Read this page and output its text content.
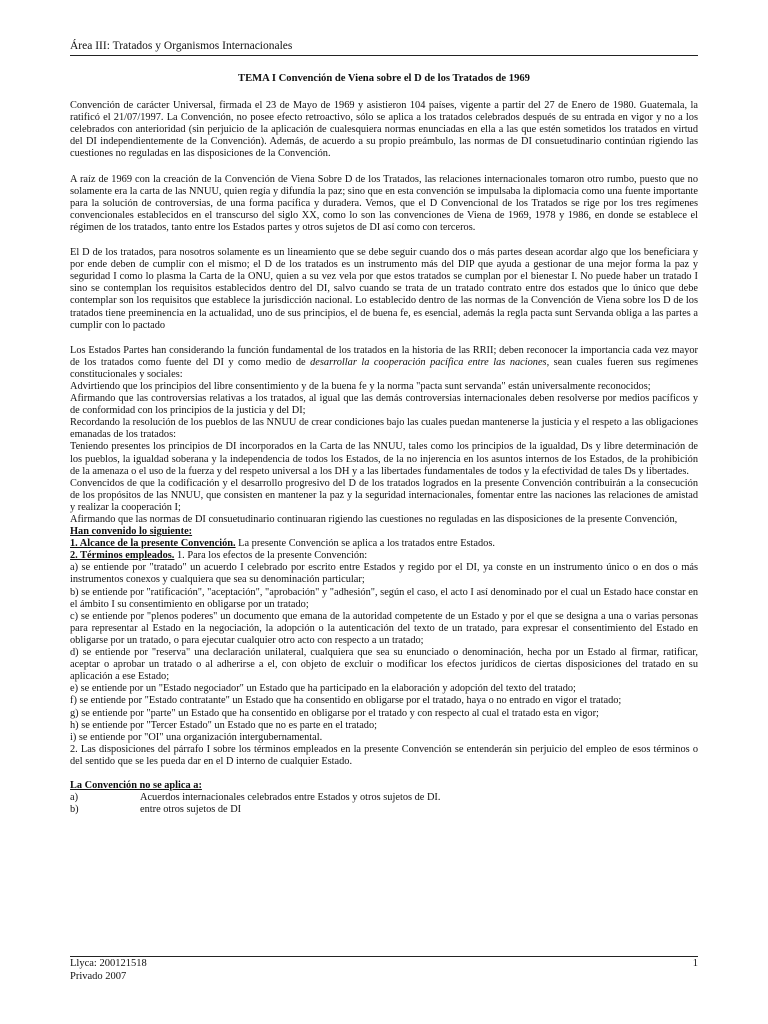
Área III: Tratados y Organismos Internacionales
TEMA I Convención de Viena sobre el D de los Tratados de 1969

Convención de carácter Universal, firmada el 23 de Mayo de 1969 y asistieron 104 países, vigente a partir del 27 de Enero de 1980. Guatemala, la ratificó el 21/07/1997. La Convención, no posee efecto retroactivo, sólo se aplica a los tratados celebrados después de su entrada en vigor y no a los celebrados con anterioridad (sin perjuicio de la aplicación de cualesquiera normas enunciadas en ella a las que estén sometidos los tratados en virtud del DI independientemente de la Convención). Además, de acuerdo a su propio preámbulo, las normas de DI consuetudinario continúan rigiendo las cuestiones no reguladas en las disposiciones de la Convención.

A raíz de 1969 con la creación de la Convención de Viena Sobre D de los Tratados, las relaciones internacionales tomaron otro rumbo, puesto que no solamente era la carta de las NNUU, quien regía y difundía la paz; sino que en esta convención se impulsaba la diplomacia como una fuente importante para la solución de controversias, de una forma pacífica y duradera. Vemos, que el D Convencional de los Tratados se rige por los tres regímenes convencionales establecidos en el transcurso del siglo XX, como lo son las convenciones de Viena de 1969, 1978 y 1986, en donde se establece el régimen de los tratados, tanto entre los Estados partes y otros sujetos de DI así como con terceros.

El D de los tratados, para nosotros solamente es un lineamiento que se debe seguir cuando dos o más partes desean acordar algo que los beneficiara y por ende deben de cumplir con el mismo; el D de los tratados es un instrumento más del DIP que ayuda a gestionar de una mejor forma la paz y seguridad I como lo plasma la Carta de la ONU, quien a su vez vela por que estos tratados se cumplan por el bienestar I. No puede haber un tratado I sino se contemplan los requisitos establecidos dentro del DI, salvo cuando se trata de un tratado contrato entre dos estados que lo único que debe contemplar son los requisitos que establece la jurisdicción nacional. Lo establecido dentro de las normas de la Convención de Viena sobre los D de los tratados tiene preeminencia en la actualidad, uno de sus principios, el de buena fe, es esencial, además la regla pacta sunt Servanda obliga a las partes a cumplir con lo pactado

Los Estados Partes han considerando la función fundamental de los tratados en la historia de las RRII; deben reconocer la importancia cada vez mayor de los tratados como fuente del DI y como medio de desarrollar la cooperación pacífica entre las naciones, sean cuales fueren sus regímenes constitucionales y sociales:
Advirtiendo que los principios del libre consentimiento y de la buena fe y la norma "pacta sunt servanda" están universalmente reconocidos;
Afirmando que las controversias relativas a los tratados, al igual que las demás controversias internacionales deben resolverse por medios pacíficos y de conformidad con los principios de la justicia y del DI;
Recordando la resolución de los pueblos de las NNUU de crear condiciones bajo las cuales puedan mantenerse la justicia y el respeto a las obligaciones emanadas de los tratados:
Teniendo presentes los principios de DI incorporados en la Carta de las NNUU, tales como los principios de la igualdad, Ds y libre determinación de los pueblos, la igualdad soberana y la independencia de todos los Estados, de la no injerencia en los asuntos internos de los Estados, de la prohibición de la amenaza o el uso de la fuerza y del respeto universal a los DH y a las libertades fundamentales de todos y la efectividad de tales Ds y libertades.
Convencidos de que la codificación y el desarrollo progresivo del D de los tratados logrados en la presente Convención contribuirán a la consecución de los propósitos de las NNUU, que consisten en mantener la paz y la seguridad internacionales, fomentar entre las naciones las relaciones de amistad y realizar la cooperación I;
Afirmando que las normas de DI consuetudinario continuaran rigiendo las cuestiones no reguladas en las disposiciones de la presente Convención,
Han convenido lo siguiente:
1. Alcance de la presente Convención. La presente Convención se aplica a los tratados entre Estados.
2. Términos empleados. 1. Para los efectos de la presente Convención:
a) se entiende por "tratado" un acuerdo I celebrado por escrito entre Estados y regido por el DI, ya conste en un instrumento único o en dos o más instrumentos conexos y cualquiera que sea su denominación particular;
b) se entiende por "ratificación", "aceptación", "aprobación" y "adhesión", según el caso, el acto I así denominado por el cual un Estado hace constar en el ámbito I su consentimiento en obligarse por un tratado;
c) se entiende por "plenos poderes" un documento que emana de la autoridad competente de un Estado y por el que se designa a una o varias personas para representar al Estado en la negociación, la adopción o la autenticación del texto de un tratado, para expresar el consentimiento del Estado en obligarse por un tratado, o para ejecutar cualquier otro acto con respecto a un tratado;
d) se entiende por "reserva" una declaración unilateral, cualquiera que sea su enunciado o denominación, hecha por un Estado al firmar, ratificar, aceptar o aprobar un tratado o al adherirse a el, con objeto de excluir o modificar los efectos jurídicos de ciertas disposiciones del tratado en su aplicación a ese Estado;
e) se entiende por un "Estado negociador" un Estado que ha participado en la elaboración y adopción del texto del tratado;
f) se entiende por "Estado contratante" un Estado que ha consentido en obligarse por el tratado, haya o no entrado en vigor el tratado;
g) se entiende por "parte" un Estado que ha consentido en obligarse por el tratado y con respecto al cual el tratado esta en vigor;
h) se entiende por "Tercer Estado" un Estado que no es parte en el tratado;
i) se entiende por "OI" una organización intergubernamental.
2. Las disposiciones del párrafo I sobre los términos empleados en la presente Convención se entenderán sin perjuicio del empleo de esos términos o del sentido que se les pueda dar en el D interno de cualquier Estado.
La Convención no se aplica a:
a)	Acuerdos internacionales celebrados entre Estados y otros sujetos de DI.
b)	entre otros sujetos de DI
Llyca: 200121518
Privado 2007
1
